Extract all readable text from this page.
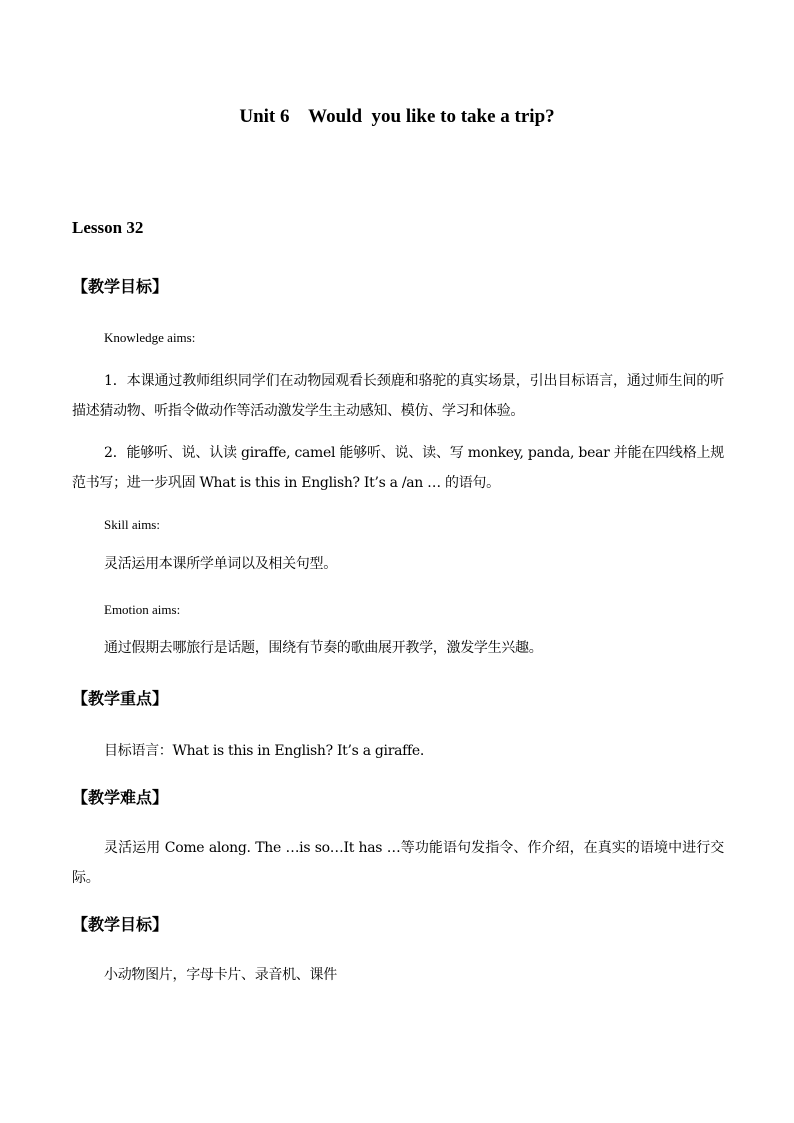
Unit 6    Would  you like to take a trip?
Lesson 32
【教学目标】
Knowledge aims:
1．本课通过教师组织同学们在动物园观看长颈鹿和骆驼的真实场景，引出目标语言，通过师生间的听描述猜动物、听指令做动作等活动激发学生主动感知、模仿、学习和体验。
2．能够听、说、认读 giraffe, camel 能够听、说、读、写 monkey, panda, bear 并能在四线格上规范书写；进一步巩固 What is this in English? It’s a /an … 的语句。
Skill aims:
灵活运用本课所学单词以及相关句型。
Emotion aims:
通过假期去哪旅行是话题，围绕有节奏的歌曲展开教学，激发学生兴趣。
【教学重点】
目标语言：What is this in English? It’s a giraffe.
【教学难点】
灵活运用 Come along. The …is so…It has …等功能语句发指令、作介绍，在真实的语境中进行交际。
【教学目标】
小动物图片，字母卡片、录音机、课件
